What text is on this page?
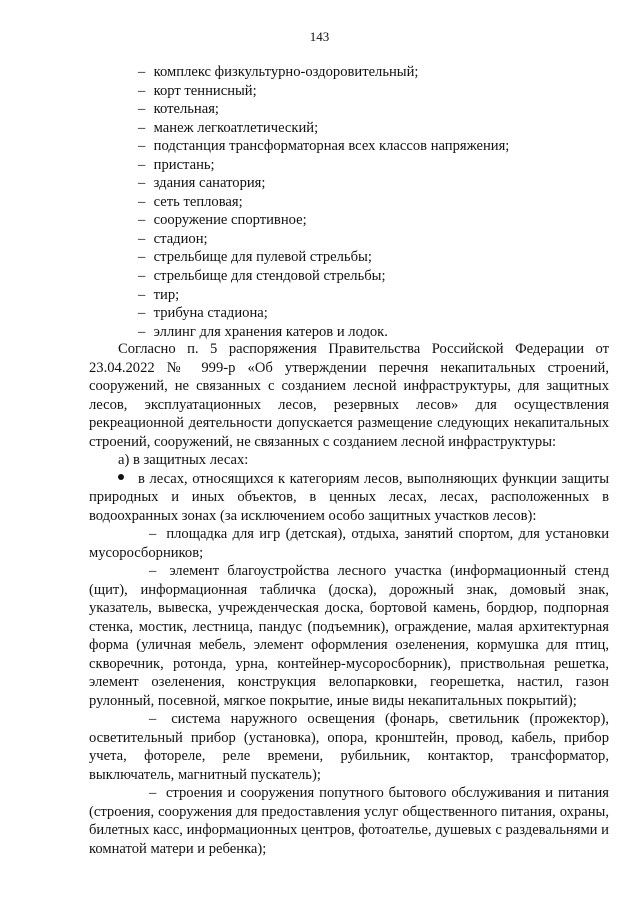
143
– комплекс физкультурно-оздоровительный;
– корт теннисный;
– котельная;
– манеж легкоатлетический;
– подстанция трансформаторная всех классов напряжения;
– пристань;
– здания санатория;
– сеть тепловая;
– сооружение спортивное;
– стадион;
– стрельбище для пулевой стрельбы;
– стрельбище для стендовой стрельбы;
– тир;
– трибуна стадиона;
– эллинг для хранения катеров и лодок.

Согласно п. 5 распоряжения Правительства Российской Федерации от 23.04.2022 № 999-р «Об утверждении перечня некапитальных строений, сооружений, не связанных с созданием лесной инфраструктуры, для защитных лесов, эксплуатационных лесов, резервных лесов» для осуществления рекреационной деятельности допускается размещение следующих некапитальных строений, сооружений, не связанных с созданием лесной инфраструктуры:

а) в защитных лесах:

в лесах, относящихся к категориям лесов, выполняющих функции защиты природных и иных объектов, в ценных лесах, лесах, расположенных в водоохранных зонах (за исключением особо защитных участков лесов):

– площадка для игр (детская), отдыха, занятий спортом, для установки мусоросборников;

– элемент благоустройства лесного участка (информационный стенд (щит), информационная табличка (доска), дорожный знак, домовый знак, указатель, вывеска, учрежденческая доска, бортовой камень, бордюр, подпорная стенка, мостик, лестница, пандус (подъемник), ограждение, малая архитектурная форма (уличная мебель, элемент оформления озеленения, кормушка для птиц, скворечник, ротонда, урна, контейнер-мусоросборник), приствольная решетка, элемент озеленения, конструкция велопарковки, георешетка, настил, газон рулонный, посевной, мягкое покрытие, иные виды некапитальных покрытий);

– система наружного освещения (фонарь, светильник (прожектор), осветительный прибор (установка), опора, кронштейн, провод, кабель, прибор учета, фотореле, реле времени, рубильник, контактор, трансформатор, выключатель, магнитный пускатель);

– строения и сооружения попутного бытового обслуживания и питания (строения, сооружения для предоставления услуг общественного питания, охраны, билетных касс, информационных центров, фотоателье, душевых с раздевальнями и комнатой матери и ребенка);
